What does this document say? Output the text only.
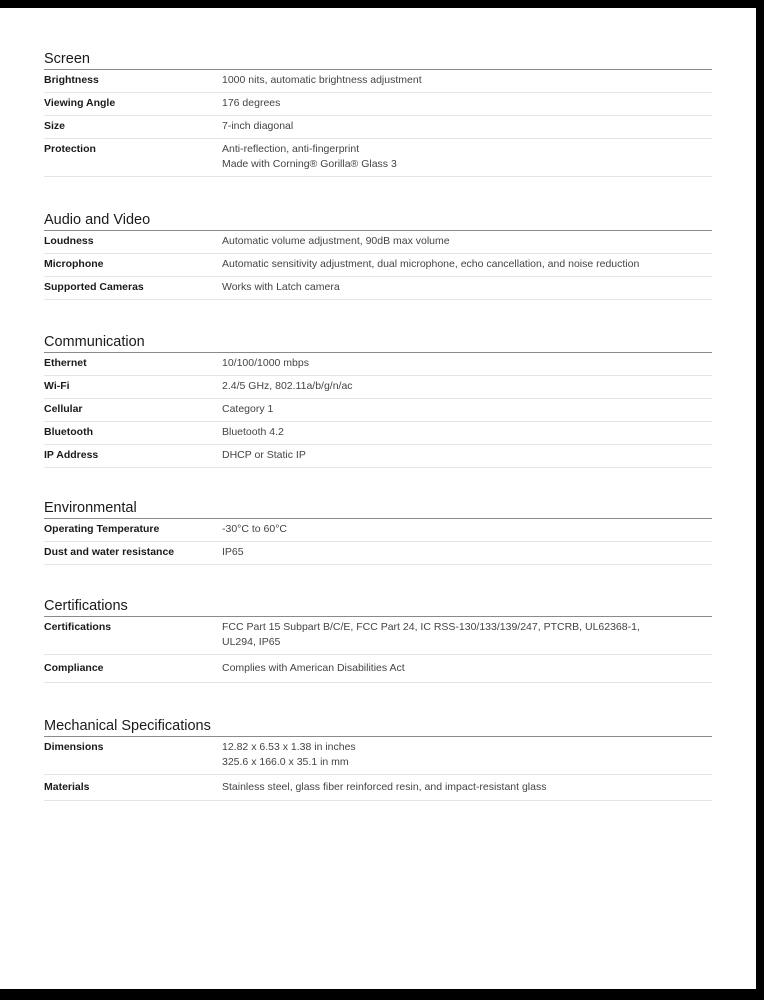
Screen
Brightness	1000 nits, automatic brightness adjustment
Viewing Angle	176 degrees
Size	7-inch diagonal
Protection	Anti-reflection, anti-fingerprint
Made with Corning® Gorilla® Glass 3
Audio and Video
Loudness	Automatic volume adjustment, 90dB max volume
Microphone	Automatic sensitivity adjustment, dual microphone, echo cancellation, and noise reduction
Supported Cameras	Works with Latch camera
Communication
Ethernet	10/100/1000 mbps
Wi-Fi	2.4/5 GHz, 802.11a/b/g/n/ac
Cellular	Category 1
Bluetooth	Bluetooth 4.2
IP Address	DHCP or Static IP
Environmental
Operating Temperature	-30°C to 60°C
Dust and water resistance	IP65
Certifications
Certifications	FCC Part 15 Subpart B/C/E, FCC Part 24, IC RSS-130/133/139/247, PTCRB, UL62368-1,
UL294, IP65
Compliance	Complies with American Disabilities Act
Mechanical Specifications
Dimensions	12.82 x 6.53 x 1.38 in inches
325.6 x 166.0 x 35.1 in mm
Materials	Stainless steel, glass fiber reinforced resin, and impact-resistant glass
